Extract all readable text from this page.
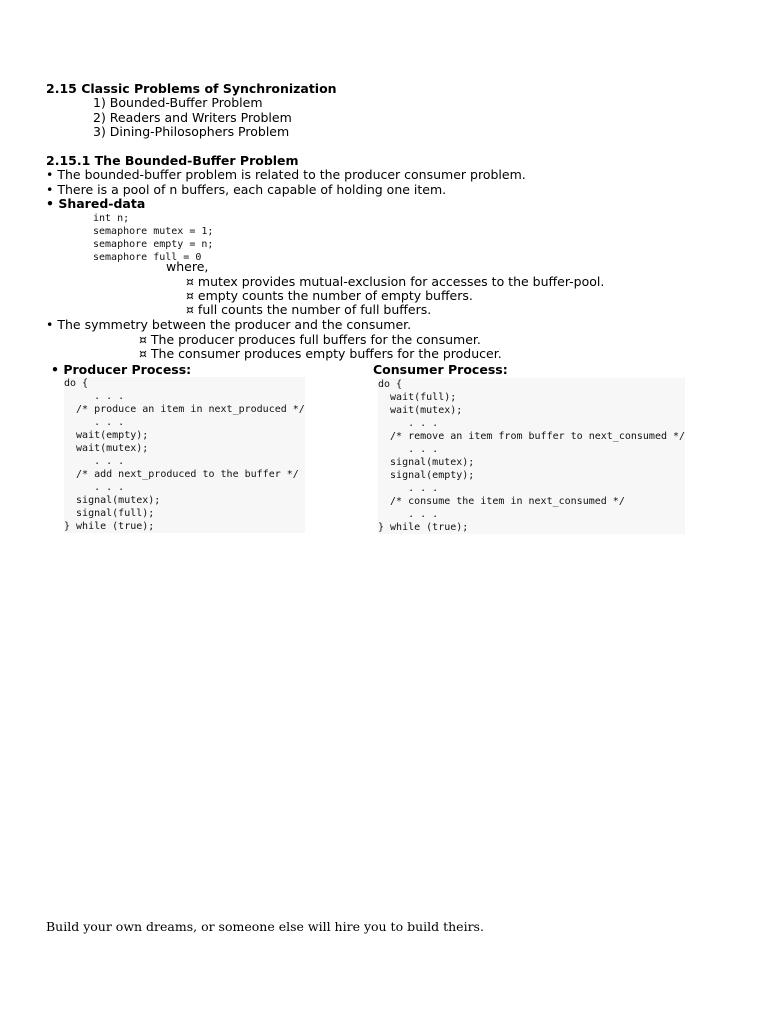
2.15 Classic Problems of Synchronization
1) Bounded-Buffer Problem
2) Readers and Writers Problem
3) Dining-Philosophers Problem
2.15.1 The Bounded-Buffer Problem
• The bounded-buffer problem is related to the producer consumer problem.
• There is a pool of n buffers, each capable of holding one item.
• Shared-data
int n;
semaphore mutex = 1;
semaphore empty = n;
semaphore full = 0
where,
¤ mutex provides mutual-exclusion for accesses to the buffer-pool.
¤ empty counts the number of empty buffers.
¤ full counts the number of full buffers.
• The symmetry between the producer and the consumer.
¤ The producer produces full buffers for the consumer.
¤ The consumer produces empty buffers for the producer.
• Producer Process:	Consumer Process:
do {
. . .
/* produce an item in next_produced */
. . .
wait(empty);
wait(mutex);
. . .
/* add next_produced to the buffer */
. . .
signal(mutex);
signal(full);
} while (true);
do {
wait(full);
wait(mutex);
. . .
/* remove an item from buffer to next_consumed */
. . .
signal(mutex);
signal(empty);
. . .
/* consume the item in next_consumed */
. . .
} while (true);
Build your own dreams, or someone else will hire you to build theirs.
